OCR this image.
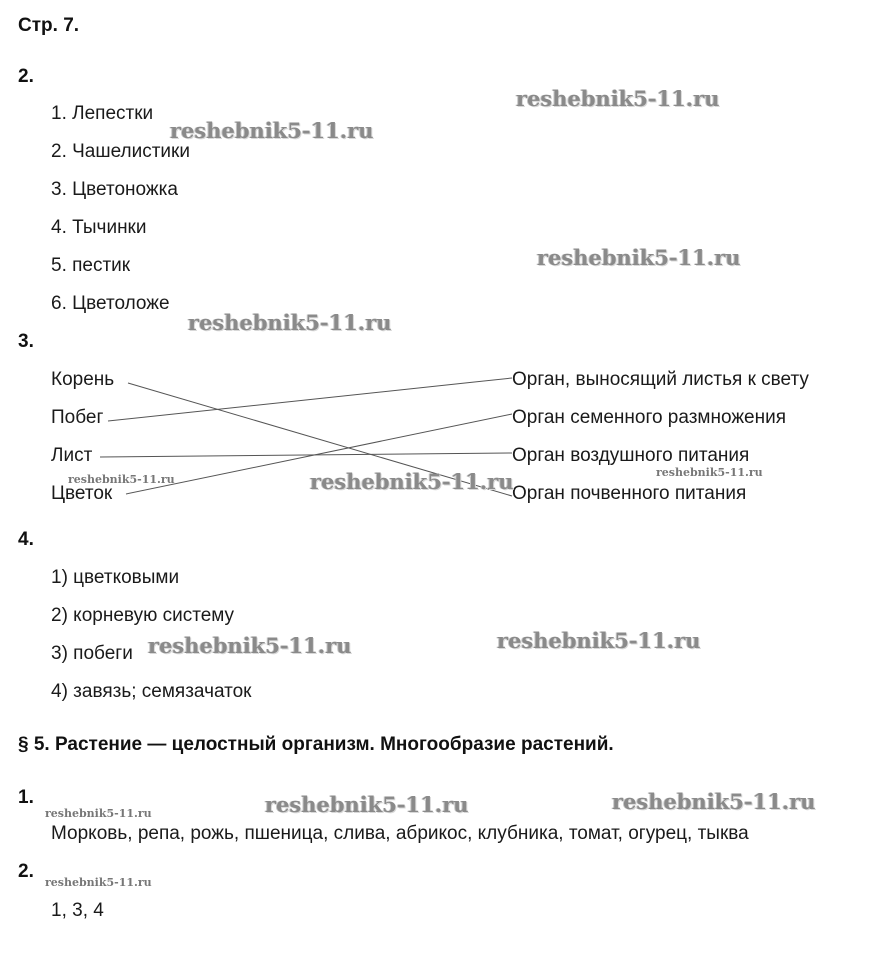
Стр. 7.
2.
1. Лепестки
2. Чашелистики
3. Цветоножка
4. Тычинки
5. пестик
6. Цветоложе
3.
Корень
Побег
Лист
Цветок
Орган, выносящий листья к свету
Орган семенного размножения
Орган воздушного питания
Орган почвенного питания
4.
1) цветковыми
2) корневую систему
3) побеги
4) завязь; семязачаток
§ 5. Растение — целостный организм. Многообразие растений.
1.
Морковь, репа, рожь, пшеница, слива, абрикос, клубника, томат, огурец, тыква
2.
1, 3, 4
reshebnik5-11.ru
reshebnik5-11.ru
reshebnik5-11.ru
reshebnik5-11.ru
reshebnik5-11.ru
reshebnik5-11.ru
reshebnik5-11.ru
reshebnik5-11.ru	reshebnik5-11.ru
reshebnik5-11.ru	reshebnik5-11.ru
reshebnik5-11.ru
reshebnik5-11.ru
